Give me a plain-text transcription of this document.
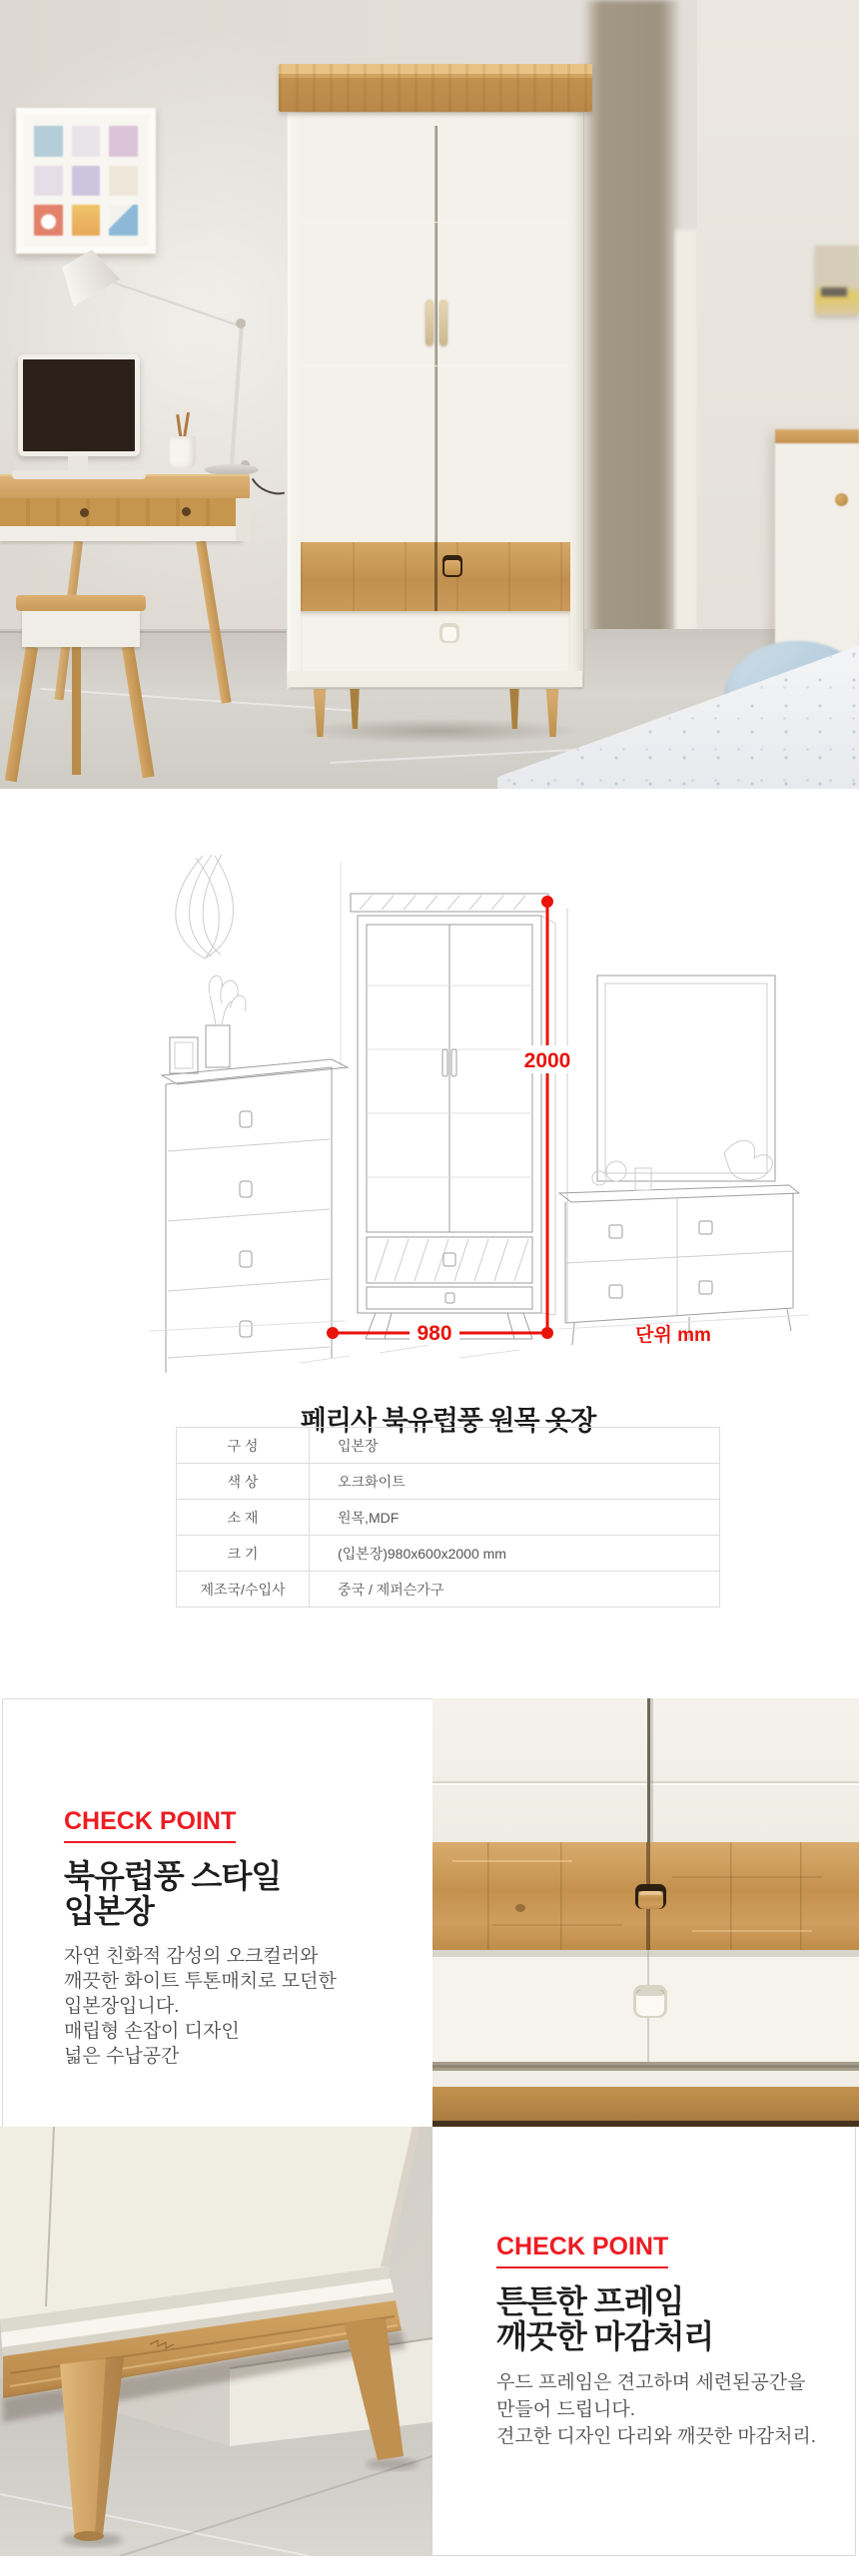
2000
980	단위 mm
페리사 북유럽풍 원목 옷장
구 성	입본장
색 상	오크화이트
소 재	원목,MDF
크 기	(입본장)980x600x2000 mm
제조국/수입사	중국 / 제퍼슨가구
CHECK POINT
북유럽풍 스타일
입본장

자연 친화적 감성의 오크컬러와
깨끗한 화이트 투톤매치로 모던한
입본장입니다.
매립형 손잡이 디자인
넓은 수납공간

CHECK POINT
튼튼한 프레임
깨끗한 마감처리

우드 프레임은 견고하며 세련된공간을
만들어 드립니다.
견고한 디자인 다리와 깨끗한 마감처리.
